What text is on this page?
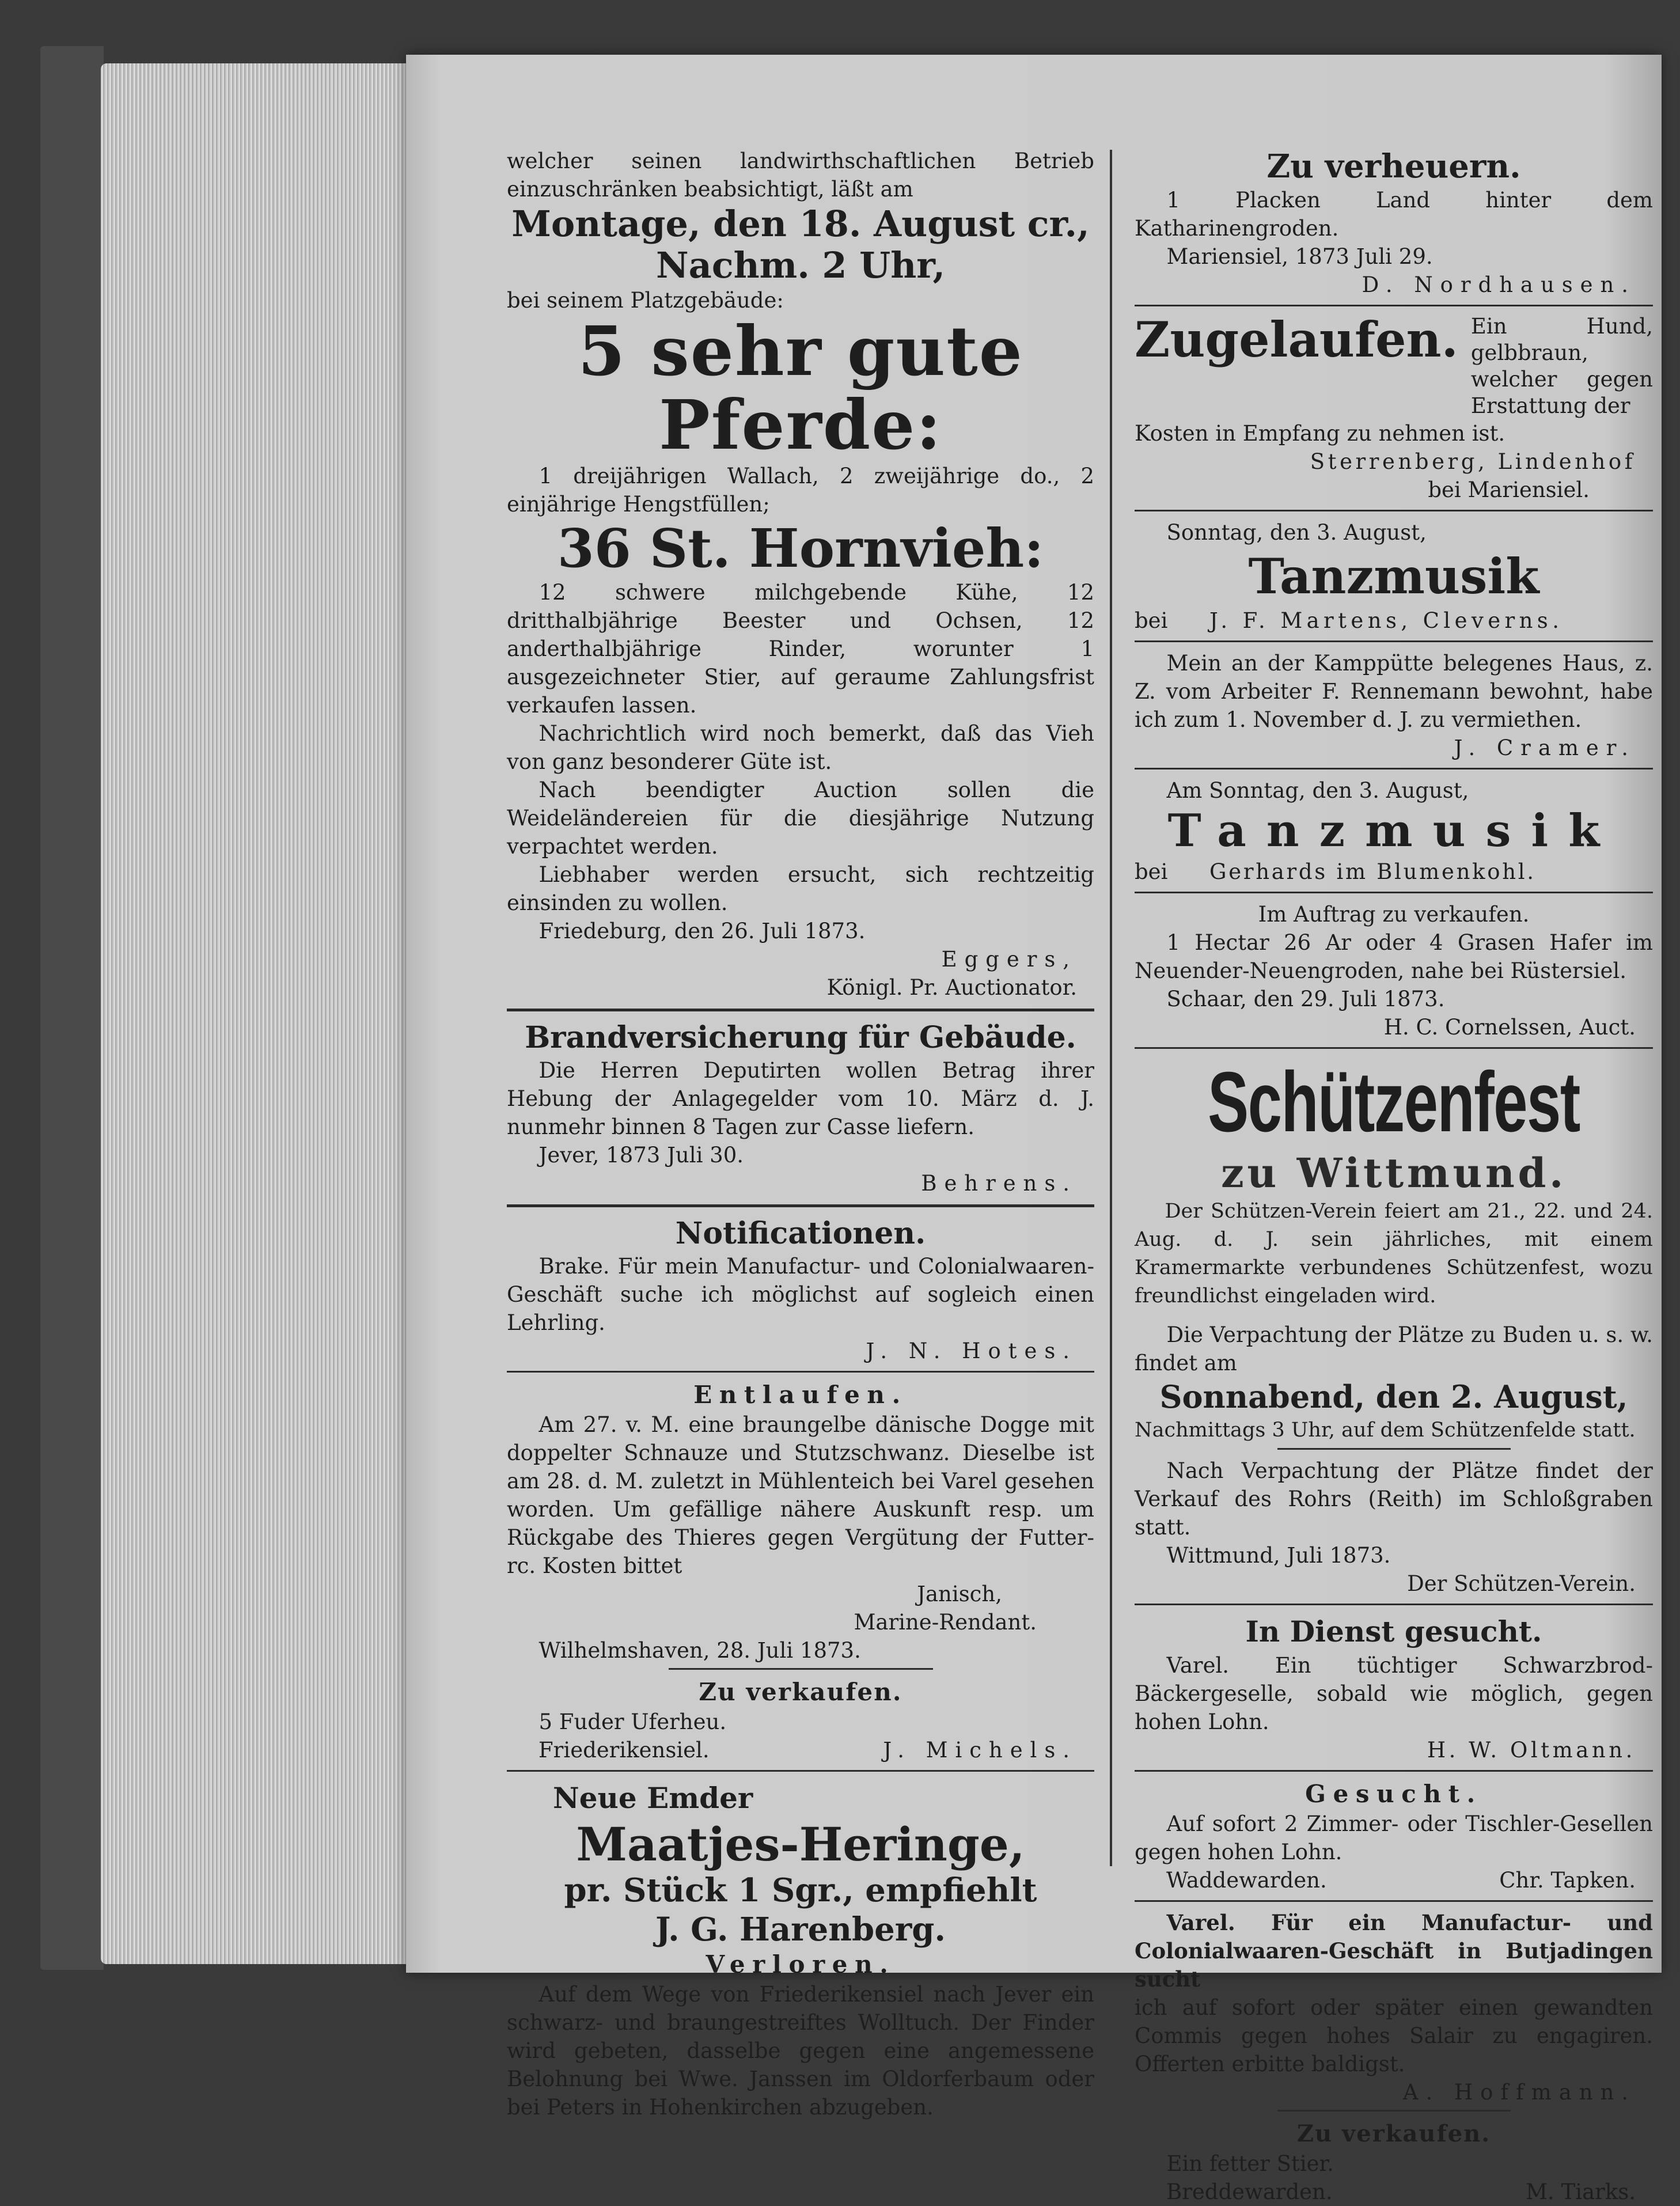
welcher seinen landwirthschaftlichen Betrieb einzuschränken beabsichtigt, läßt am

Montage, den 18. August cr.,

Nachm. 2 Uhr,

bei seinem Platzgebäude:

5 sehr gute Pferde:

1 dreijährigen Wallach, 2 zweijährige do., 2 einjährige Hengstfüllen;

36 St. Hornvieh:

12 schwere milchgebende Kühe, 12 dritthalbjährige Beester und Ochsen, 12 anderthalbjährige Rinder, worunter 1 ausgezeichneter Stier, auf geraume Zahlungsfrist verkaufen lassen.

Nachrichtlich wird noch bemerkt, daß das Vieh von ganz besonderer Güte ist.

Nach beendigter Auction sollen die Weideländereien für die diesjährige Nutzung verpachtet werden.

Liebhaber werden ersucht, sich rechtzeitig einsinden zu wollen.

Friedeburg, den 26. Juli 1873.

Eggers,

Königl. Pr. Auctionator.

Brandversicherung für Gebäude.

Die Herren Deputirten wollen Betrag ihrer Hebung der Anlagegelder vom 10. März d. J. nunmehr binnen 8 Tagen zur Casse liefern.

Jever, 1873 Juli 30.

Behrens.

Notificationen.

Brake. Für mein Manufactur- und Colonialwaaren-Geschäft suche ich möglichst auf sogleich einen Lehrling.

J. N. Hotes.

Entlaufen.

Am 27. v. M. eine braungelbe dänische Dogge mit doppelter Schnauze und Stutzschwanz. Dieselbe ist am 28. d. M. zuletzt in Mühlenteich bei Varel gesehen worden. Um gefällige nähere Auskunft resp. um Rückgabe des Thieres gegen Vergütung der Futter- rc. Kosten bittet

Janisch,

Marine-Rendant.

Wilhelmshaven, 28. Juli 1873.

Zu verkaufen.

5 Fuder Uferheu.

Friederikensiel.	J. Michels.

Neue Emder

Maatjes-Heringe,

pr. Stück 1 Sgr., empfiehlt

J. G. Harenberg.

Verloren.

Auf dem Wege von Friederikensiel nach Jever ein schwarz- und braungestreiftes Wolltuch. Der Finder wird gebeten, dasselbe gegen eine angemessene Belohnung bei Wwe. Janssen im Oldorferbaum oder bei Peters in Hohenkirchen abzugeben.

Zu verheuern.

1 Placken Land hinter dem Katharinengroden.

Mariensiel, 1873 Juli 29.

D. Nordhausen.

Zugelaufen. Ein Hund, gelbbraun, welcher gegen Erstattung der

Kosten in Empfang zu nehmen ist.

Sterrenberg, Lindenhof

bei Mariensiel.

Sonntag, den 3. August,

Tanzmusik

bei	J. F. Martens, Cleverns.

Mein an der Kamppütte belegenes Haus, z. Z. vom Arbeiter F. Rennemann bewohnt, habe ich zum 1. November d. J. zu vermiethen.

J. Cramer.

Am Sonntag, den 3. August,

Tanzmusik

bei	Gerhards im Blumenkohl.

Im Auftrag zu verkaufen.

1 Hectar 26 Ar oder 4 Grasen Hafer im Neuender-Neuengroden, nahe bei Rüstersiel.

Schaar, den 29. Juli 1873.

H. C. Cornelssen, Auct.

Schützenfest

zu Wittmund.

Der Schützen-Verein feiert am 21., 22. und 24. Aug. d. J. sein jährliches, mit einem Kramermarkte verbundenes Schützenfest, wozu freundlichst eingeladen wird.

Die Verpachtung der Plätze zu Buden u. s. w. findet am

Sonnabend, den 2. August,

Nachmittags 3 Uhr, auf dem Schützenfelde statt.

Nach Verpachtung der Plätze findet der Verkauf des Rohrs (Reith) im Schloßgraben statt.

Wittmund, Juli 1873.

Der Schützen-Verein.

In Dienst gesucht.

Varel. Ein tüchtiger Schwarzbrod-Bäckergeselle, sobald wie möglich, gegen hohen Lohn.

H. W. Oltmann.

Gesucht.

Auf sofort 2 Zimmer- oder Tischler-Gesellen gegen hohen Lohn.

Waddewarden.	Chr. Tapken.

Varel. Für ein Manufactur- und Colonialwaaren-Geschäft in Butjadingen sucht

ich auf sofort oder später einen gewandten Commis gegen hohes Salair zu engagiren. Offerten erbitte baldigst.

A. Hoffmann.

Zu verkaufen.

Ein fetter Stier.

Breddewarden.	M. Tiarks.
